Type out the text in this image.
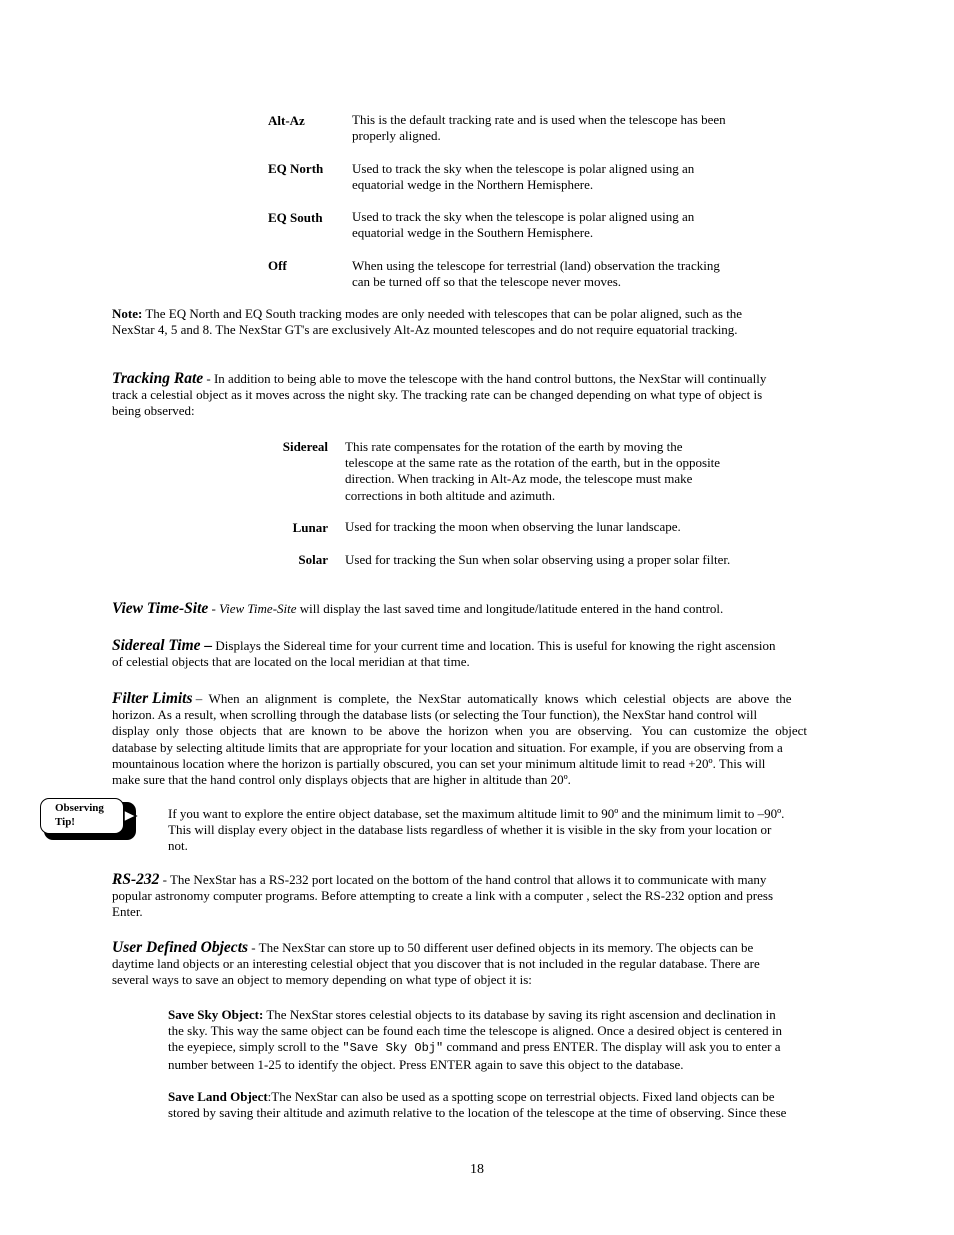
Alt-Az	This is the default tracking rate and is used when the telescope has been
properly aligned.
EQ North Used to track the sky when the telescope is polar aligned using an
equatorial wedge in the Northern Hemisphere.
EQ South Used to track the sky when the telescope is polar aligned using an
equatorial wedge in the Southern Hemisphere.
Off	When using the telescope for terrestrial (land) observation the tracking
can be turned off so that the telescope never moves.
Note: The EQ North and EQ South tracking modes are only needed with telescopes that can be polar aligned, such as the
NexStar 4, 5 and 8. The NexStar GT's are exclusively Alt-Az mounted telescopes and do not require equatorial tracking.
Tracking Rate - In addition to being able to move the telescope with the hand control buttons, the NexStar will continually
track a celestial object as it moves across the night sky. The tracking rate can be changed depending on what type of object is
being observed:
Sidereal This rate compensates for the rotation of the earth by moving the
telescope at the same rate as the rotation of the earth, but in the opposite
direction. When tracking in Alt-Az mode, the telescope must make
corrections in both altitude and azimuth.
Lunar Used for tracking the moon when observing the lunar landscape.
Solar Used for tracking the Sun when solar observing using a proper solar filter.
View Time-Site - View Time-Site will display the last saved time and longitude/latitude entered in the hand control.
Sidereal Time – Displays the Sidereal time for your current time and location. This is useful for knowing the right ascension
of celestial objects that are located on the local meridian at that time.
Filter Limits –  When  an  alignment  is  complete,  the  NexStar  automatically  knows  which  celestial  objects  are  above  the
horizon. As a result, when scrolling through the database lists (or selecting the Tour function), the NexStar hand control will
display  only  those  objects  that  are  known  to  be  above  the  horizon  when  you  are  observing.   You  can  customize  the  object
database by selecting altitude limits that are appropriate for your location and situation. For example, if you are observing from a
mountainous location where the horizon is partially obscured, you can set your minimum altitude limit to read +20º. This will
make sure that the hand control only displays objects that are higher in altitude than 20º.
Observing
Tip!
If you want to explore the entire object database, set the maximum altitude limit to 90º and the minimum limit to –90º.
This will display every object in the database lists regardless of whether it is visible in the sky from your location or
not.
RS-232 - The NexStar has a RS-232 port located on the bottom of the hand control that allows it to communicate with many
popular astronomy computer programs. Before attempting to create a link with a computer , select the RS-232 option and press
Enter.
User Defined Objects - The NexStar can store up to 50 different user defined objects in its memory. The objects can be
daytime land objects or an interesting celestial object that you discover that is not included in the regular database. There are
several ways to save an object to memory depending on what type of object it is:
Save Sky Object: The NexStar stores celestial objects to its database by saving its right ascension and declination in
the sky. This way the same object can be found each time the telescope is aligned. Once a desired object is centered in
the eyepiece, simply scroll to the "Save Sky Obj" command and press ENTER. The display will ask you to enter a
number between 1-25 to identify the object. Press ENTER again to save this object to the database.
Save Land Object:The NexStar can also be used as a spotting scope on terrestrial objects. Fixed land objects can be
stored by saving their altitude and azimuth relative to the location of the telescope at the time of observing. Since these
18
